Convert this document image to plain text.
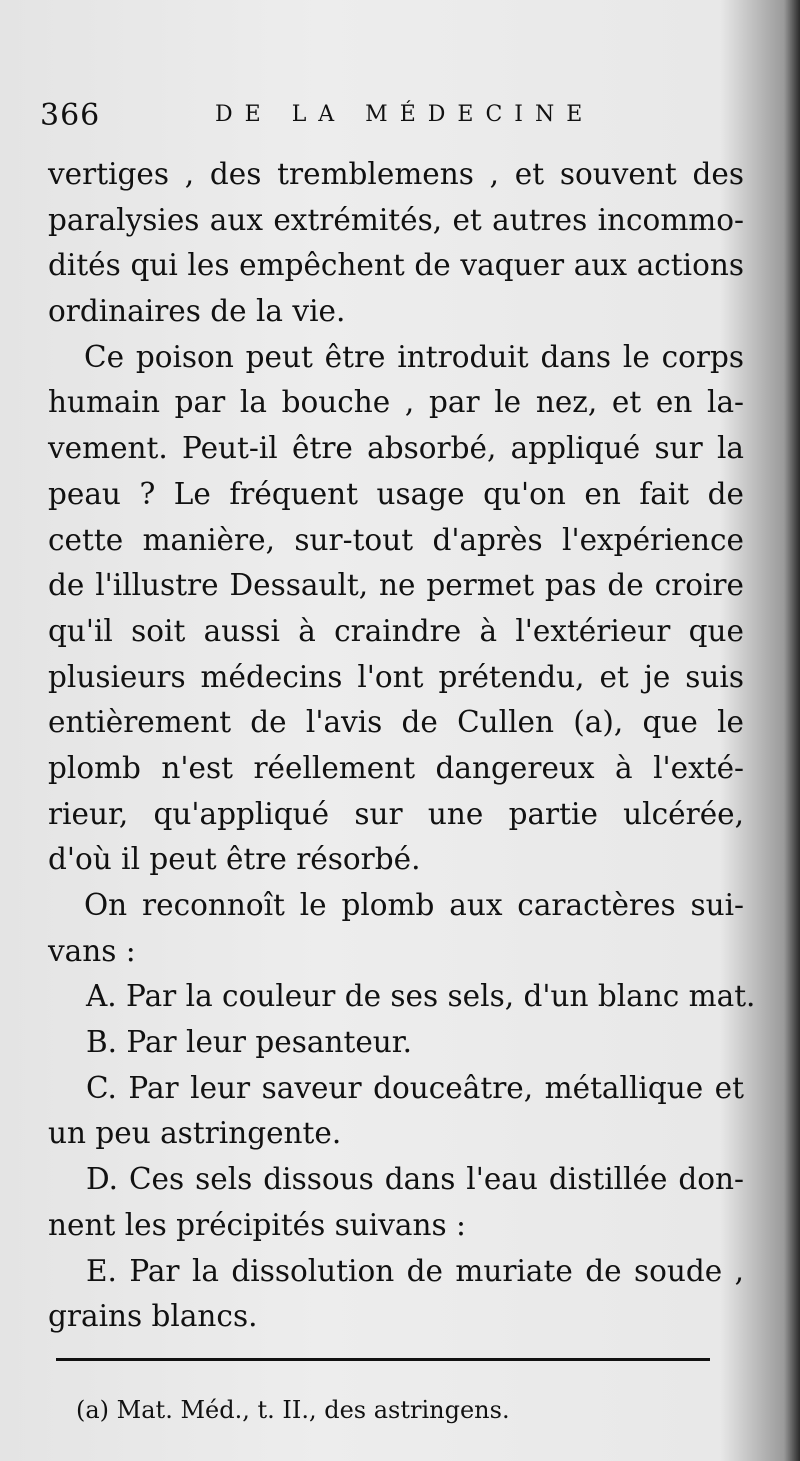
366	DE LA MÉDECINE
vertiges , des tremblemens , et souvent des
paralysies aux extrémités, et autres incommo-
dités qui les empêchent de vaquer aux actions
ordinaires de la vie.
Ce poison peut être introduit dans le corps
humain par la bouche , par le nez, et en la-
vement. Peut-il être absorbé, appliqué sur la
peau ? Le fréquent usage qu'on en fait de
cette manière, sur-tout d'après l'expérience
de l'illustre Dessault, ne permet pas de croire
qu'il soit aussi à craindre à l'extérieur que
plusieurs médecins l'ont prétendu, et je suis
entièrement de l'avis de Cullen (a), que le
plomb n'est réellement dangereux à l'exté-
rieur, qu'appliqué sur une partie ulcérée,
d'où il peut être résorbé.
On reconnoît le plomb aux caractères sui-
vans :
A. Par la couleur de ses sels, d'un blanc mat.
B. Par leur pesanteur.
C. Par leur saveur douceâtre, métallique et
un peu astringente.
D. Ces sels dissous dans l'eau distillée don-
nent les précipités suivans :
E. Par la dissolution de muriate de soude ,
grains blancs.
(a) Mat. Méd., t. II., des astringens.
